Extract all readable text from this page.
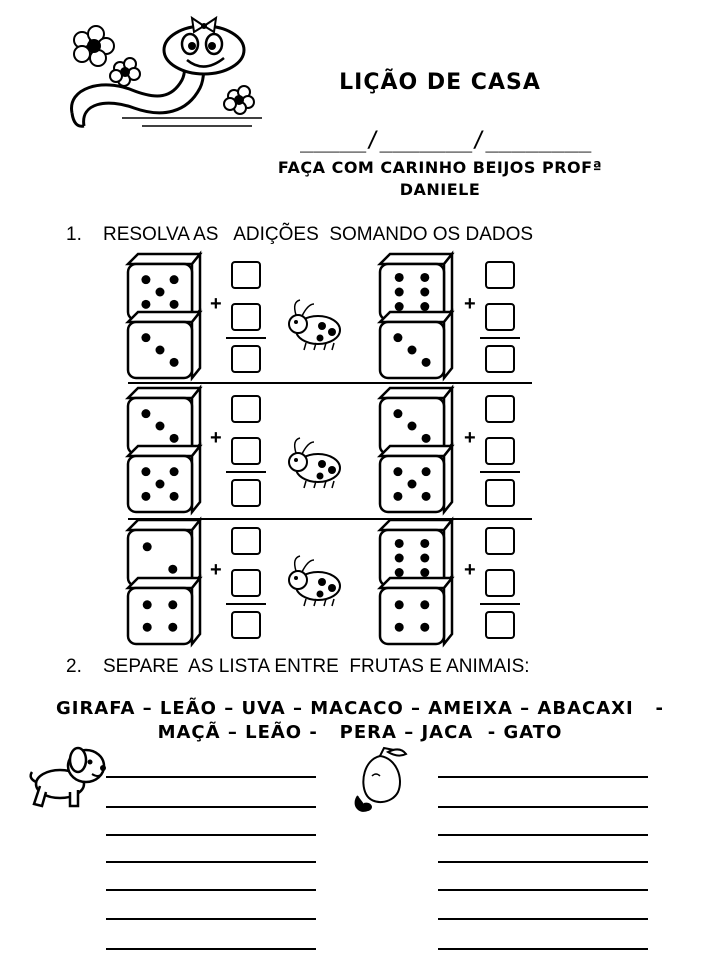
LIÇÃO DE CASA
_____/_______/________
FAÇA COM CARINHO BEIJOS PROFª
DANIELE
1. RESOLVA AS   ADIÇÕES  SOMANDO OS DADOS
+	+
+	+
+	+
2. SEPARE  AS LISTA ENTRE  FRUTAS E ANIMAIS:
GIRAFA – LEÃO – UVA – MACACO – AMEIXA – ABACAXI   -
MAÇÃ – LEÃO -   PERA – JACA  - GATO
